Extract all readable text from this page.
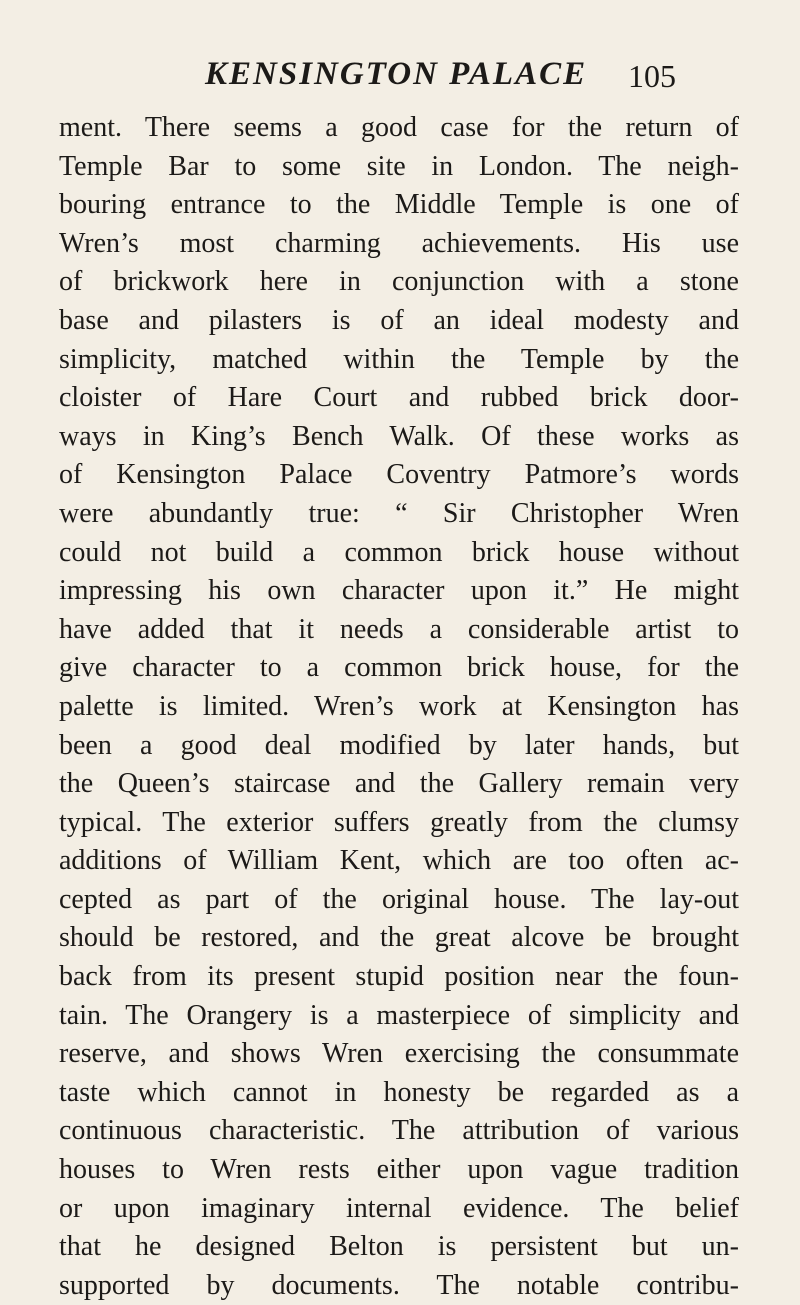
KENSINGTON PALACE 105
ment. There seems a good case for the return of
Temple Bar to some site in London. The neigh-
bouring entrance to the Middle Temple is one of
Wren’s most charming achievements. His use
of brickwork here in conjunction with a stone
base and pilasters is of an ideal modesty and
simplicity, matched within the Temple by the
cloister of Hare Court and rubbed brick door-
ways in King’s Bench Walk. Of these works as
of Kensington Palace Coventry Patmore’s words
were abundantly true: “ Sir Christopher Wren
could not build a common brick house without
impressing his own character upon it.” He might
have added that it needs a considerable artist to
give character to a common brick house, for the
palette is limited. Wren’s work at Kensington has
been a good deal modified by later hands, but
the Queen’s staircase and the Gallery remain very
typical. The exterior suffers greatly from the clumsy
additions of William Kent, which are too often ac-
cepted as part of the original house. The lay-out
should be restored, and the great alcove be brought
back from its present stupid position near the foun-
tain. The Orangery is a masterpiece of simplicity and
reserve, and shows Wren exercising the consummate
taste which cannot in honesty be regarded as a
continuous characteristic. The attribution of various
houses to Wren rests either upon vague tradition
or upon imaginary internal evidence. The belief
that he designed Belton is persistent but un-
supported by documents. The notable contribu-
